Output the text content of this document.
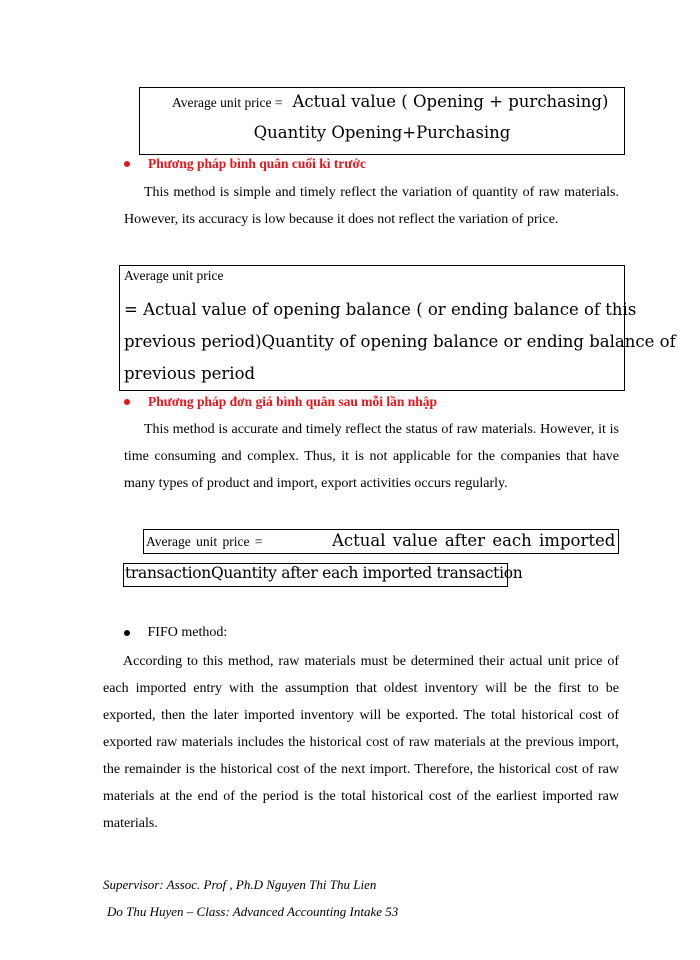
Average unit price = Actual value ( Opening + purchasing)
Quantity Opening+Purchasing
Phương pháp bình quân cuối kì trước
This method is simple and timely reflect the variation of quantity of raw materials. However, its accuracy is low because it does not reflect the variation of price.
Average unit price
= Actual value of opening balance ( or ending balance of this
previous period)Quantity of opening balance or ending balance of
previous period
Phương pháp đơn giá bình quân sau mỗi lần nhập
This method is accurate and timely reflect the status of raw materials. However, it is time consuming and complex. Thus, it is not applicable for the companies that have many types of product and import, export activities occurs regularly.
Average unit price =	Actual value after each imported
transactionQuantity after each imported transaction
FIFO method:
According to this method, raw materials must be determined their actual unit price of each imported entry with the assumption that oldest inventory will be the first to be exported, then the later imported inventory will be exported. The total historical cost of exported raw materials includes the historical cost of raw materials at the previous import, the remainder is the historical cost of the next import. Therefore, the historical cost of raw materials at the end of the period is the total historical cost of the earliest imported raw materials.
Supervisor: Assoc. Prof , Ph.D Nguyen Thi Thu Lien
Do Thu Huyen – Class: Advanced Accounting Intake 53
